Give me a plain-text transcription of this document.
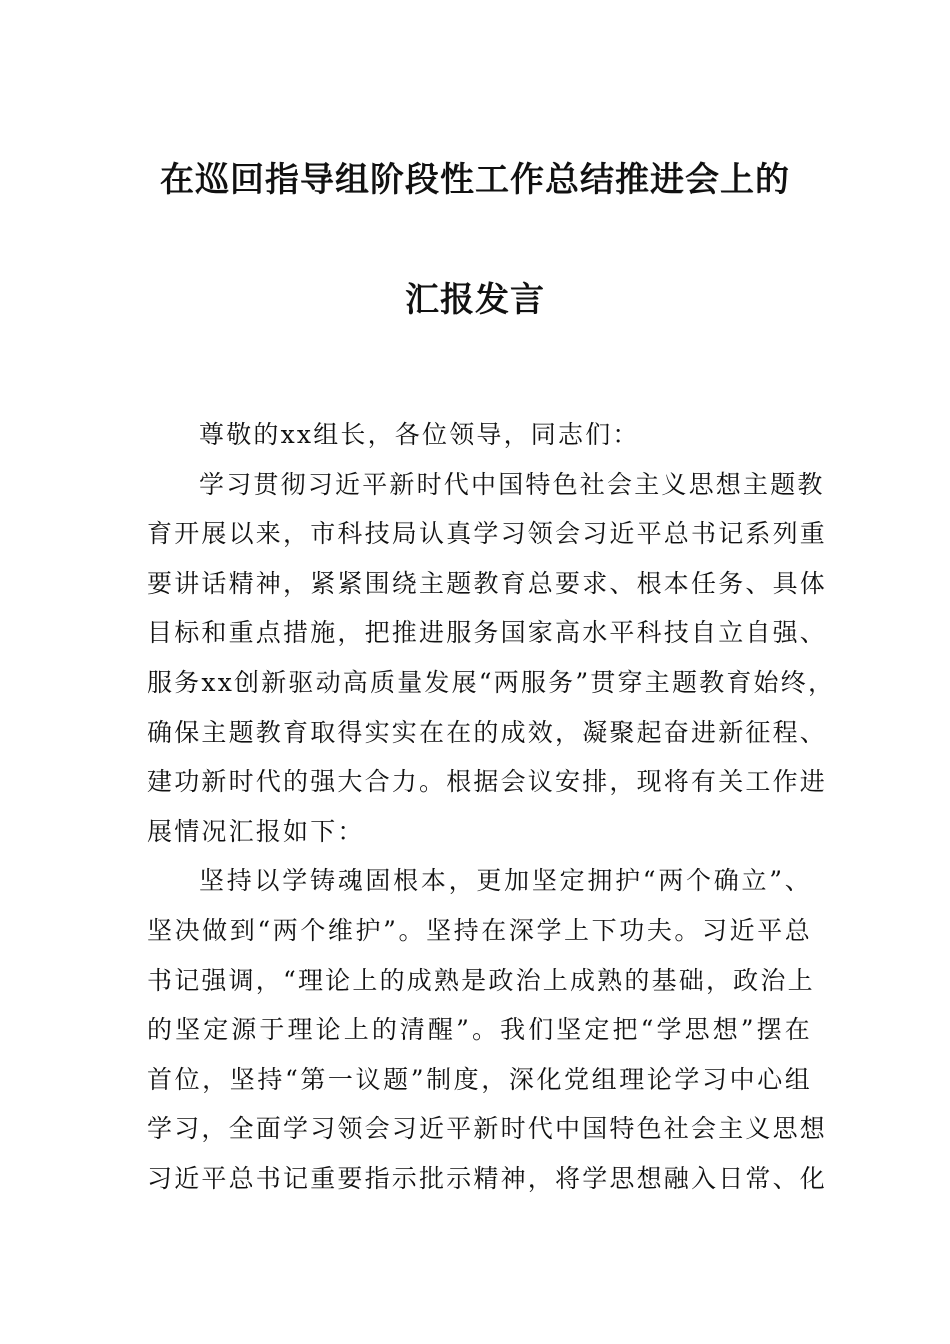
在巡回指导组阶段性工作总结推进会上的
汇报发言

尊敬的xx组长，各位领导，同志们：

学习贯彻习近平新时代中国特色社会主义思想主题教
育开展以来，市科技局认真学习领会习近平总书记系列重
要讲话精神，紧紧围绕主题教育总要求、根本任务、具体
目标和重点措施，把推进服务国家高水平科技自立自强、
服务xx创新驱动高质量发展“两服务”贯穿主题教育始终，
确保主题教育取得实实在在的成效，凝聚起奋进新征程、
建功新时代的强大合力。根据会议安排，现将有关工作进
展情况汇报如下：

坚持以学铸魂固根本，更加坚定拥护“两个确立”、
坚决做到“两个维护”。坚持在深学上下功夫。习近平总
书记强调，“理论上的成熟是政治上成熟的基础，政治上
的坚定源于理论上的清醒”。我们坚定把“学思想”摆在
首位，坚持“第一议题”制度，深化党组理论学习中心组
学习，全面学习领会习近平新时代中国特色社会主义思想
习近平总书记重要指示批示精神，将学思想融入日常、化
